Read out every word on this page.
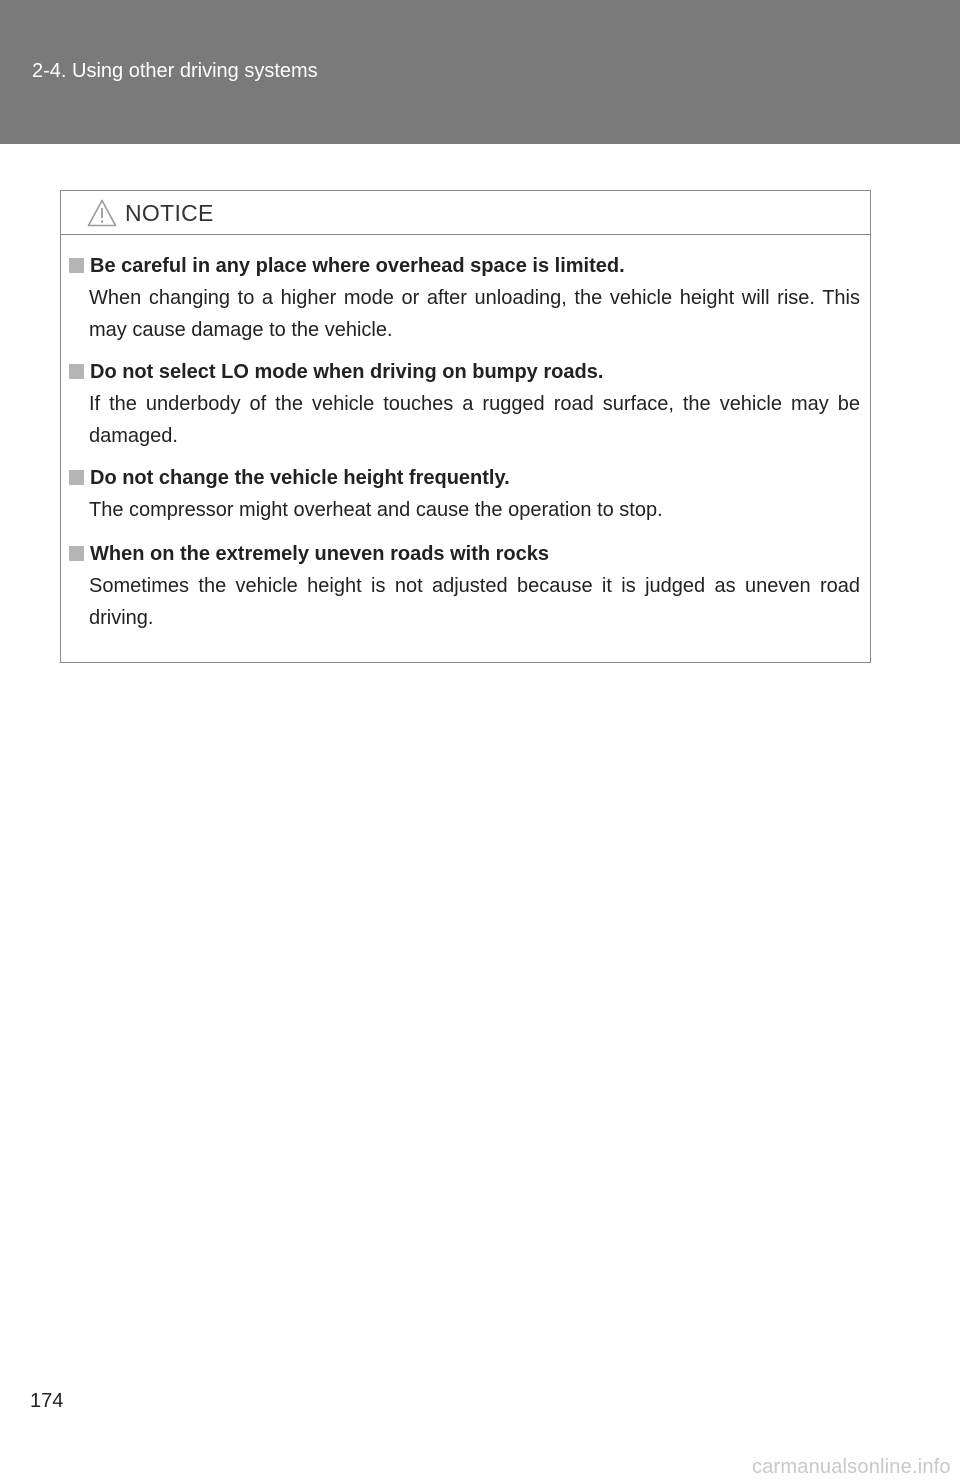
2-4. Using other driving systems
NOTICE
Be careful in any place where overhead space is limited.
When changing to a higher mode or after unloading, the vehicle height will rise. This may cause damage to the vehicle.
Do not select LO mode when driving on bumpy roads.
If the underbody of the vehicle touches a rugged road surface, the vehicle may be damaged.
Do not change the vehicle height frequently.
The compressor might overheat and cause the operation to stop.
When on the extremely uneven roads with rocks
Sometimes the vehicle height is not adjusted because it is judged as uneven road driving.
174
carmanualsonline.info
